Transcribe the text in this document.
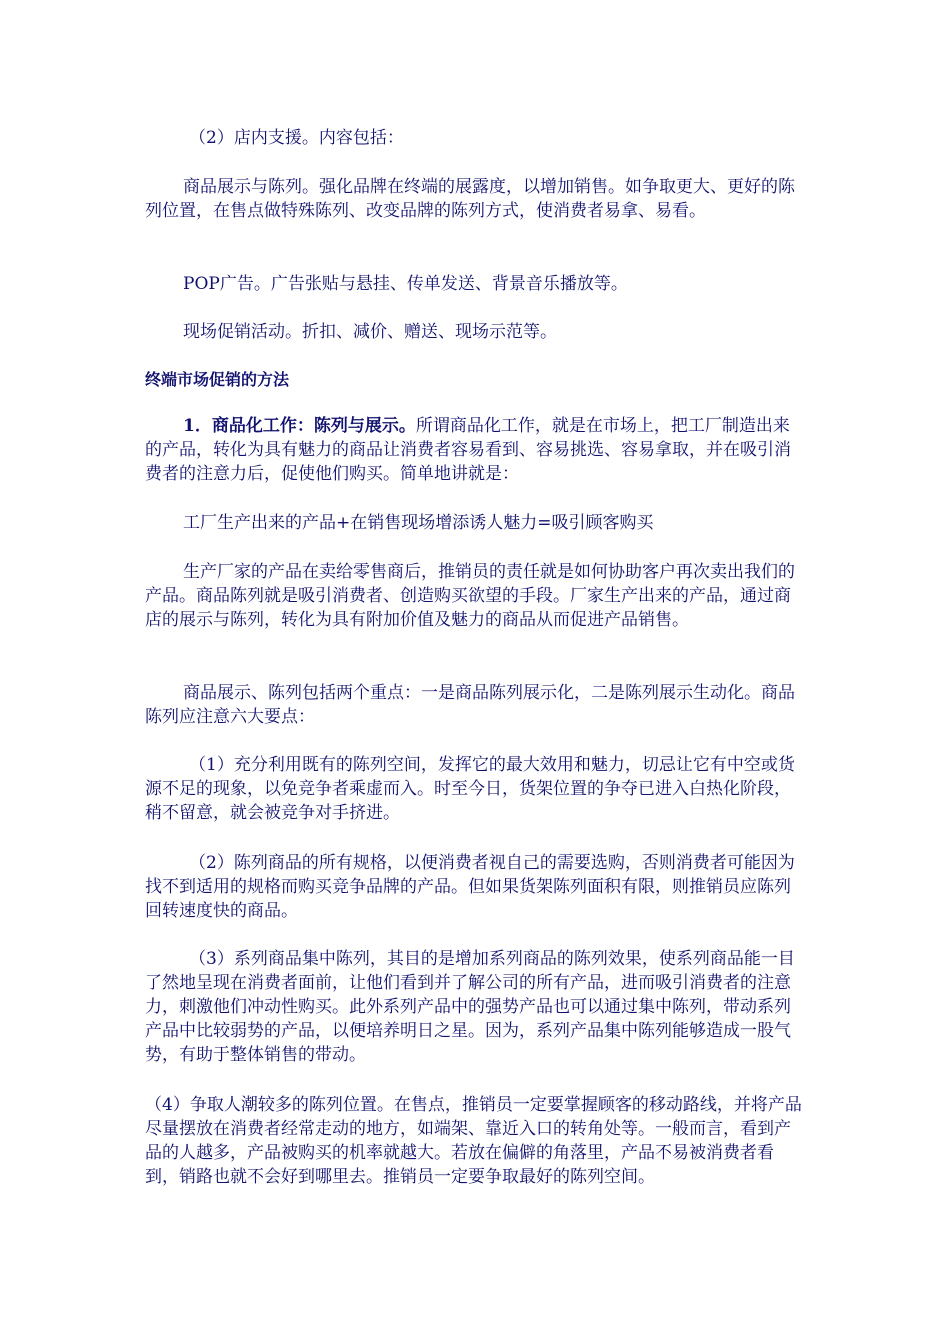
（2）店内支援。内容包括：

商品展示与陈列。强化品牌在终端的展露度，以增加销售。如争取更大、更好的陈列位置，在售点做特殊陈列、改变品牌的陈列方式，使消费者易拿、易看。

POP广告。广告张贴与悬挂、传单发送、背景音乐播放等。

现场促销活动。折扣、减价、赠送、现场示范等。

终端市场促销的方法

1．商品化工作：陈列与展示。所谓商品化工作，就是在市场上，把工厂制造出来的产品，转化为具有魅力的商品让消费者容易看到、容易挑选、容易拿取，并在吸引消费者的注意力后，促使他们购买。简单地讲就是：

工厂生产出来的产品+在销售现场增添诱人魅力=吸引顾客购买

生产厂家的产品在卖给零售商后，推销员的责任就是如何协助客户再次卖出我们的产品。商品陈列就是吸引消费者、创造购买欲望的手段。厂家生产出来的产品，通过商店的展示与陈列，转化为具有附加价值及魅力的商品从而促进产品销售。

商品展示、陈列包括两个重点：一是商品陈列展示化，二是陈列展示生动化。商品陈列应注意六大要点：

（1）充分利用既有的陈列空间，发挥它的最大效用和魅力，切忌让它有中空或货源不足的现象，以免竞争者乘虚而入。时至今日，货架位置的争夺已进入白热化阶段，稍不留意，就会被竞争对手挤进。

（2）陈列商品的所有规格，以便消费者视自己的需要选购，否则消费者可能因为找不到适用的规格而购买竞争品牌的产品。但如果货架陈列面积有限，则推销员应陈列回转速度快的商品。

（3）系列商品集中陈列，其目的是增加系列商品的陈列效果，使系列商品能一目了然地呈现在消费者面前，让他们看到并了解公司的所有产品，进而吸引消费者的注意力，刺激他们冲动性购买。此外系列产品中的强势产品也可以通过集中陈列，带动系列产品中比较弱势的产品，以便培养明日之星。因为，系列产品集中陈列能够造成一股气势，有助于整体销售的带动。

（4）争取人潮较多的陈列位置。在售点，推销员一定要掌握顾客的移动路线，并将产品尽量摆放在消费者经常走动的地方，如端架、靠近入口的转角处等。一般而言，看到产品的人越多，产品被购买的机率就越大。若放在偏僻的角落里，产品不易被消费者看到，销路也就不会好到哪里去。推销员一定要争取最好的陈列空间。
